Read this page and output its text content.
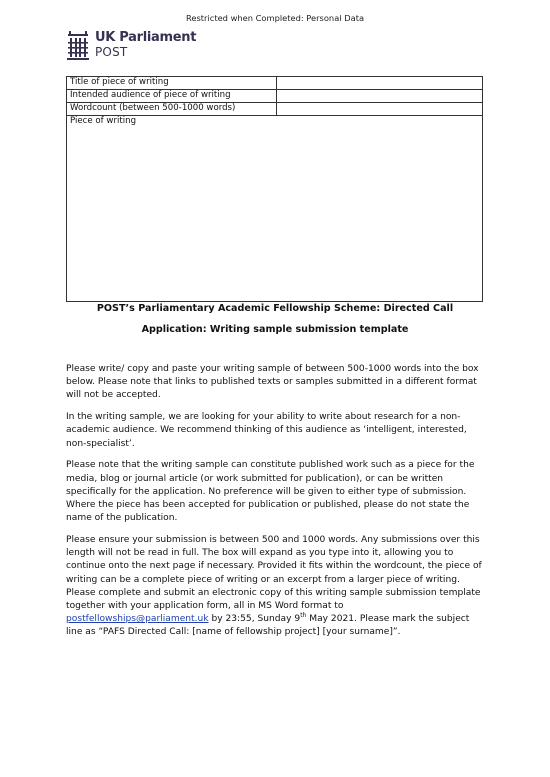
Restricted when Completed: Personal Data
UK Parliament
POST
Title of piece of writing	
Intended audience of piece of writing	
Wordcount (between 500-1000 words)	
Piece of writing	
POST’s Parliamentary Academic Fellowship Scheme: Directed Call
Application: Writing sample submission template

Please write/ copy and paste your writing sample of between 500-1000 words into the box below. Please note that links to published texts or samples submitted in a different format will not be accepted.

In the writing sample, we are looking for your ability to write about research for a non-academic audience. We recommend thinking of this audience as ‘intelligent, interested, non-specialist’.

Please note that the writing sample can constitute published work such as a piece for the media, blog or journal article (or work submitted for publication), or can be written specifically for the application. No preference will be given to either type of submission. Where the piece has been accepted for publication or published, please do not state the name of the publication.

Please ensure your submission is between 500 and 1000 words. Any submissions over this length will not be read in full. The box will expand as you type into it, allowing you to continue onto the next page if necessary. Provided it fits within the wordcount, the piece of writing can be a complete piece of writing or an excerpt from a larger piece of writing. Please complete and submit an electronic copy of this writing sample submission template together with your application form, all in MS Word format to postfellowships@parliament.uk by 23:55, Sunday 9th May 2021. Please mark the subject line as “PAFS Directed Call: [name of fellowship project] [your surname]”.
